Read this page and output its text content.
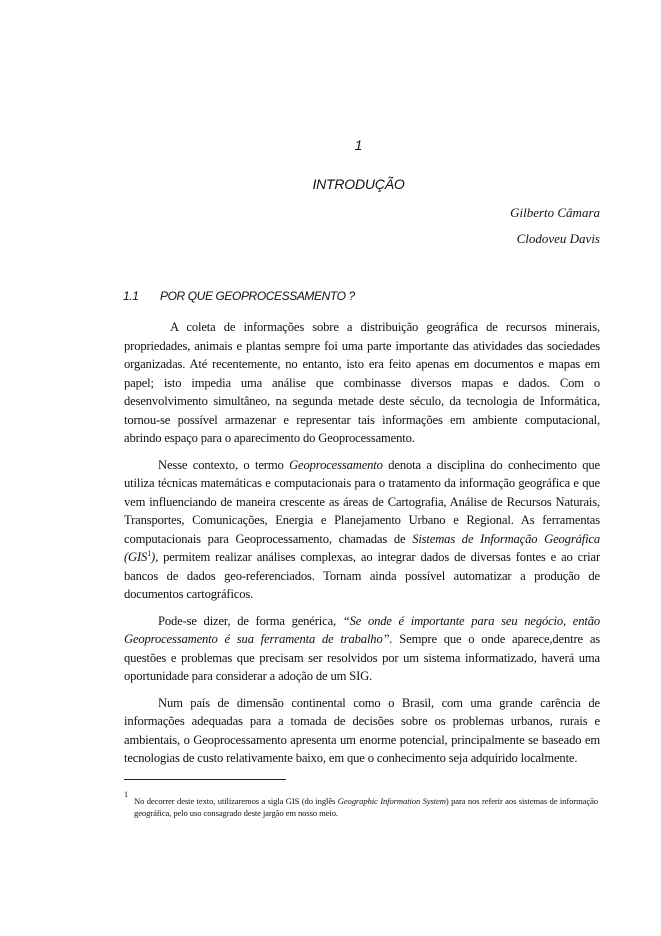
1
INTRODUÇÃO
Gilberto Câmara
Clodoveu Davis
1.1 POR QUE GEOPROCESSAMENTO ?

A coleta de informações sobre a distribuição geográfica de recursos minerais, propriedades, animais e plantas sempre foi uma parte importante das atividades das sociedades organizadas. Até recentemente, no entanto, isto era feito apenas em documentos e mapas em papel; isto impedia uma análise que combinasse diversos mapas e dados. Com o desenvolvimento simultâneo, na segunda metade deste século, da tecnologia de Informática, tornou-se possível armazenar e representar tais informações em ambiente computacional, abrindo espaço para o aparecimento do Geoprocessamento.

Nesse contexto, o termo Geoprocessamento denota a disciplina do conhecimento que utiliza técnicas matemáticas e computacionais para o tratamento da informação geográfica e que vem influenciando de maneira crescente as áreas de Cartografia, Análise de Recursos Naturais, Transportes, Comunicações, Energia e Planejamento Urbano e Regional. As ferramentas computacionais para Geoprocessamento, chamadas de Sistemas de Informação Geográfica (GIS$^1$), permitem realizar análises complexas, ao integrar dados de diversas fontes e ao criar bancos de dados geo-referenciados. Tornam ainda possível automatizar a produção de documentos cartográficos.

Pode-se dizer, de forma genérica, “Se onde é importante para seu negócio, então Geoprocessamento é sua ferramenta de trabalho”. Sempre que o onde aparece,dentre as questões e problemas que precisam ser resolvidos por um sistema informatizado, haverá uma oportunidade para considerar a adoção de um SIG.

Num país de dimensão continental como o Brasil, com uma grande carência de informações adequadas para a tomada de decisões sobre os problemas urbanos, rurais e ambientais, o Geoprocessamento apresenta um enorme potencial, principalmente se baseado em tecnologias de custo relativamente baixo, em que o conhecimento seja adquirido localmente.

$^1$No decorrer deste texto, utilizaremos a sigla GIS (do inglês Geographic Information System) para nos referir aos sistemas de informação geográfica, pelo uso consagrado deste jargão em nosso meio.
